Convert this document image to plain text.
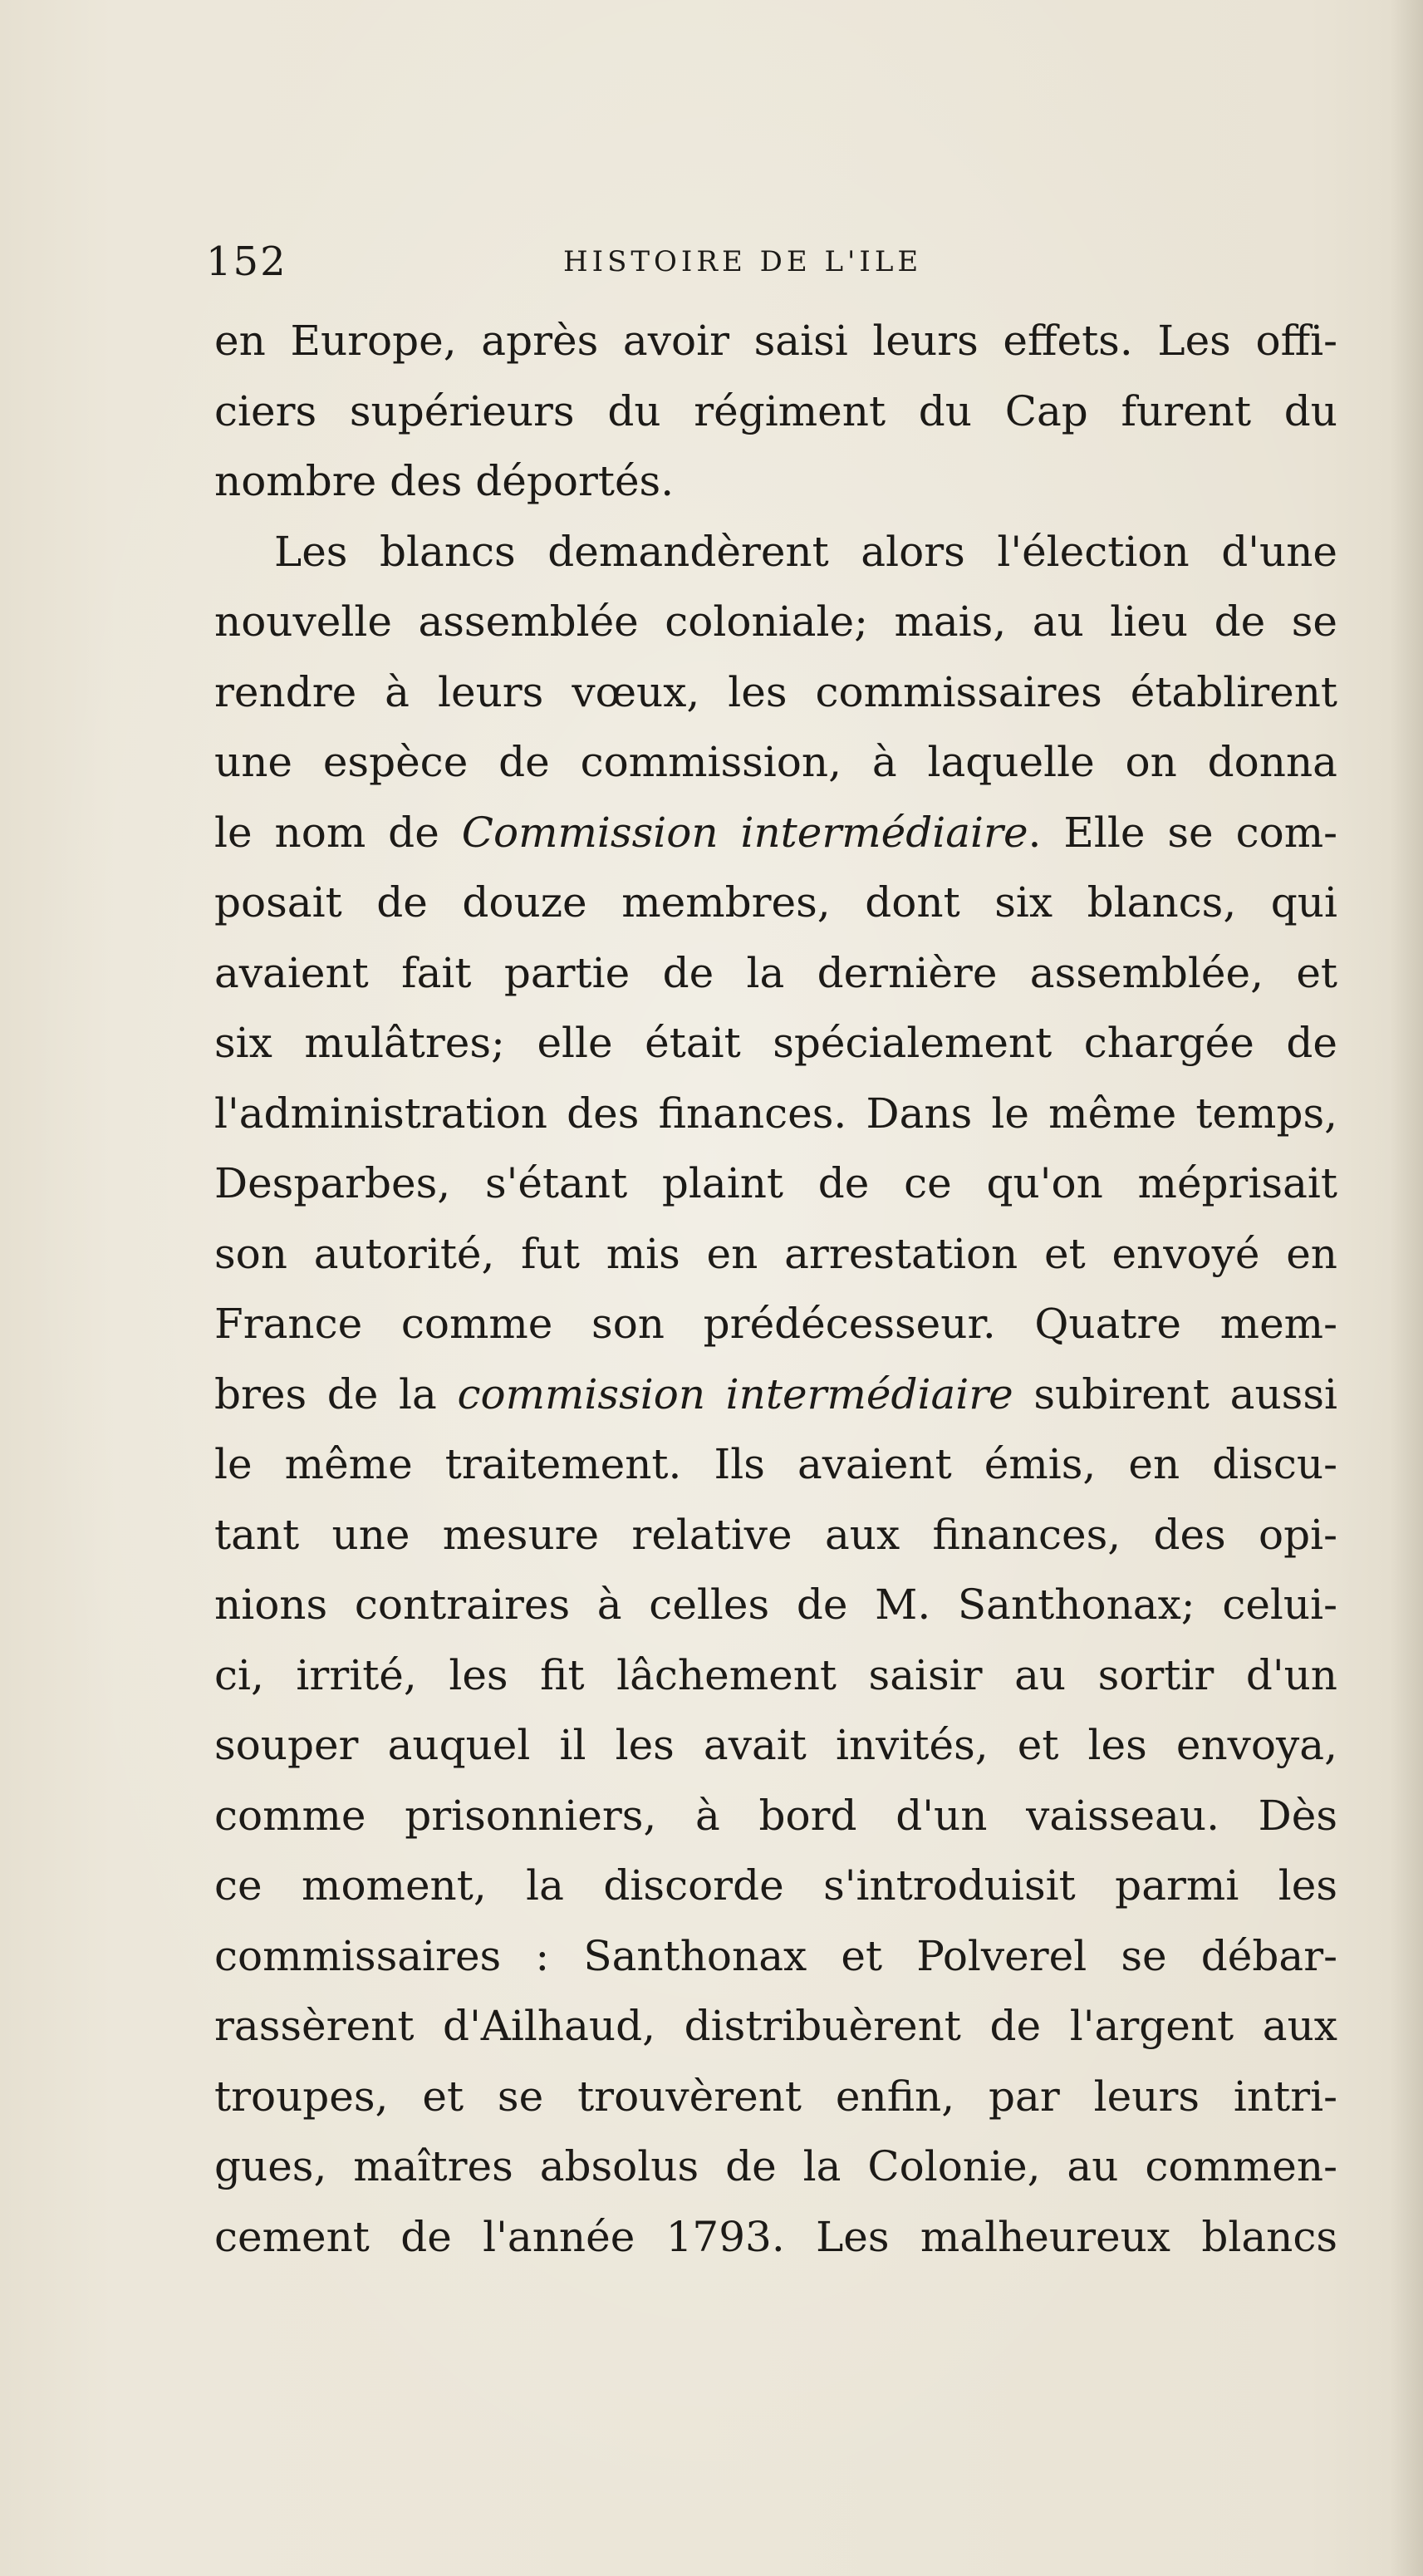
152	HISTOIRE DE L'ILE
en Europe, après avoir saisi leurs effets. Les offi-
ciers supérieurs du régiment du Cap furent du
nombre des déportés.
Les blancs demandèrent alors l'élection d'une
nouvelle assemblée coloniale; mais, au lieu de se
rendre à leurs vœux, les commissaires établirent
une espèce de commission, à laquelle on donna
le nom de Commission intermédiaire. Elle se com-
posait de douze membres, dont six blancs, qui
avaient fait partie de la dernière assemblée, et
six mulâtres; elle était spécialement chargée de
l'administration des finances. Dans le même temps,
Desparbes, s'étant plaint de ce qu'on méprisait
son autorité, fut mis en arrestation et envoyé en
France comme son prédécesseur. Quatre mem-
bres de la commission intermédiaire subirent aussi
le même traitement. Ils avaient émis, en discu-
tant une mesure relative aux finances, des opi-
nions contraires à celles de M. Santhonax; celui-
ci, irrité, les fit lâchement saisir au sortir d'un
souper auquel il les avait invités, et les envoya,
comme prisonniers, à bord d'un vaisseau. Dès
ce moment, la discorde s'introduisit parmi les
commissaires : Santhonax et Polverel se débar-
rassèrent d'Ailhaud, distribuèrent de l'argent aux
troupes, et se trouvèrent enfin, par leurs intri-
gues, maîtres absolus de la Colonie, au commen-
cement de l'année 1793. Les malheureux blancs
